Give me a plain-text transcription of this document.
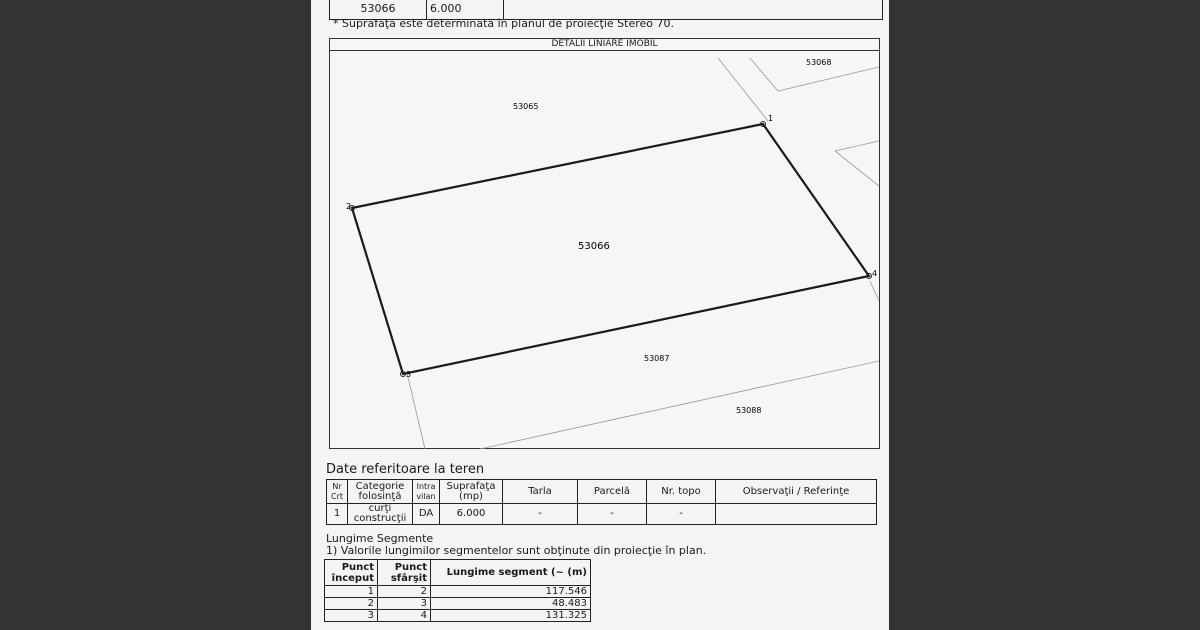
53066	6.000	
* Suprafaţa este determinată în planul de proiecţie Stereo 70.
DETALII LINIARE IMOBIL
1
2
3
4
53066
53065
53087
53088
53068
Date referitoare la teren
Nr Crt	Categorie folosinţă	Intra vilan	Suprafaţa (mp)	Tarla	Parcelă	Nr. topo	Observaţii / Referinţe
1	curţi construcţii	DA	6.000	-	-	-	
Lungime Segmente
1) Valorile lungimilor segmentelor sunt obţinute din proiecţie în plan.
Punct început	Punct sfârşit	Lungime segment (~ (m)
1	2	117.546
2	3	48.483
3	4	131.325
